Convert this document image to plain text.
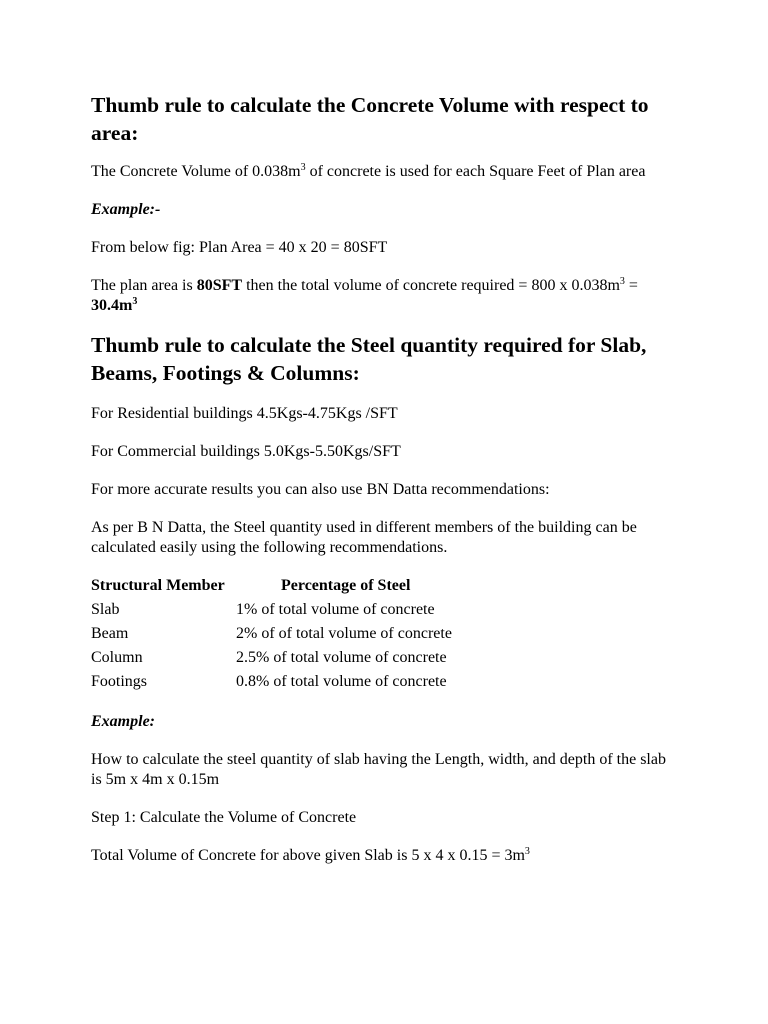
Thumb rule to calculate the Concrete Volume with respect to area:

The Concrete Volume of $0.038m^3$ of concrete is used for each Square Feet of Plan area

Example:-

From below fig: Plan Area = 40 x 20 = 80SFT

The plan area is 80SFT then the total volume of concrete required = 800 x $0.038m^3 = 30.4m^3$

Thumb rule to calculate the Steel quantity required for Slab, Beams, Footings & Columns:

For Residential buildings 4.5Kgs-4.75Kgs /SFT

For Commercial buildings 5.0Kgs-5.50Kgs/SFT

For more accurate results you can also use BN Datta recommendations:

As per B N Datta, the Steel quantity used in different members of the building can be calculated easily using the following recommendations.

Structural Member	Percentage of Steel
Slab	1% of total volume of concrete
Beam	2% of of total volume of concrete
Column	2.5% of total volume of concrete
Footings	0.8% of total volume of concrete

Example:

How to calculate the steel quantity of slab having the Length, width, and depth of the slab is 5m x 4m x 0.15m

Step 1: Calculate the Volume of Concrete

Total Volume of Concrete for above given Slab is 5 x 4 x $0.15 = 3m^3$
